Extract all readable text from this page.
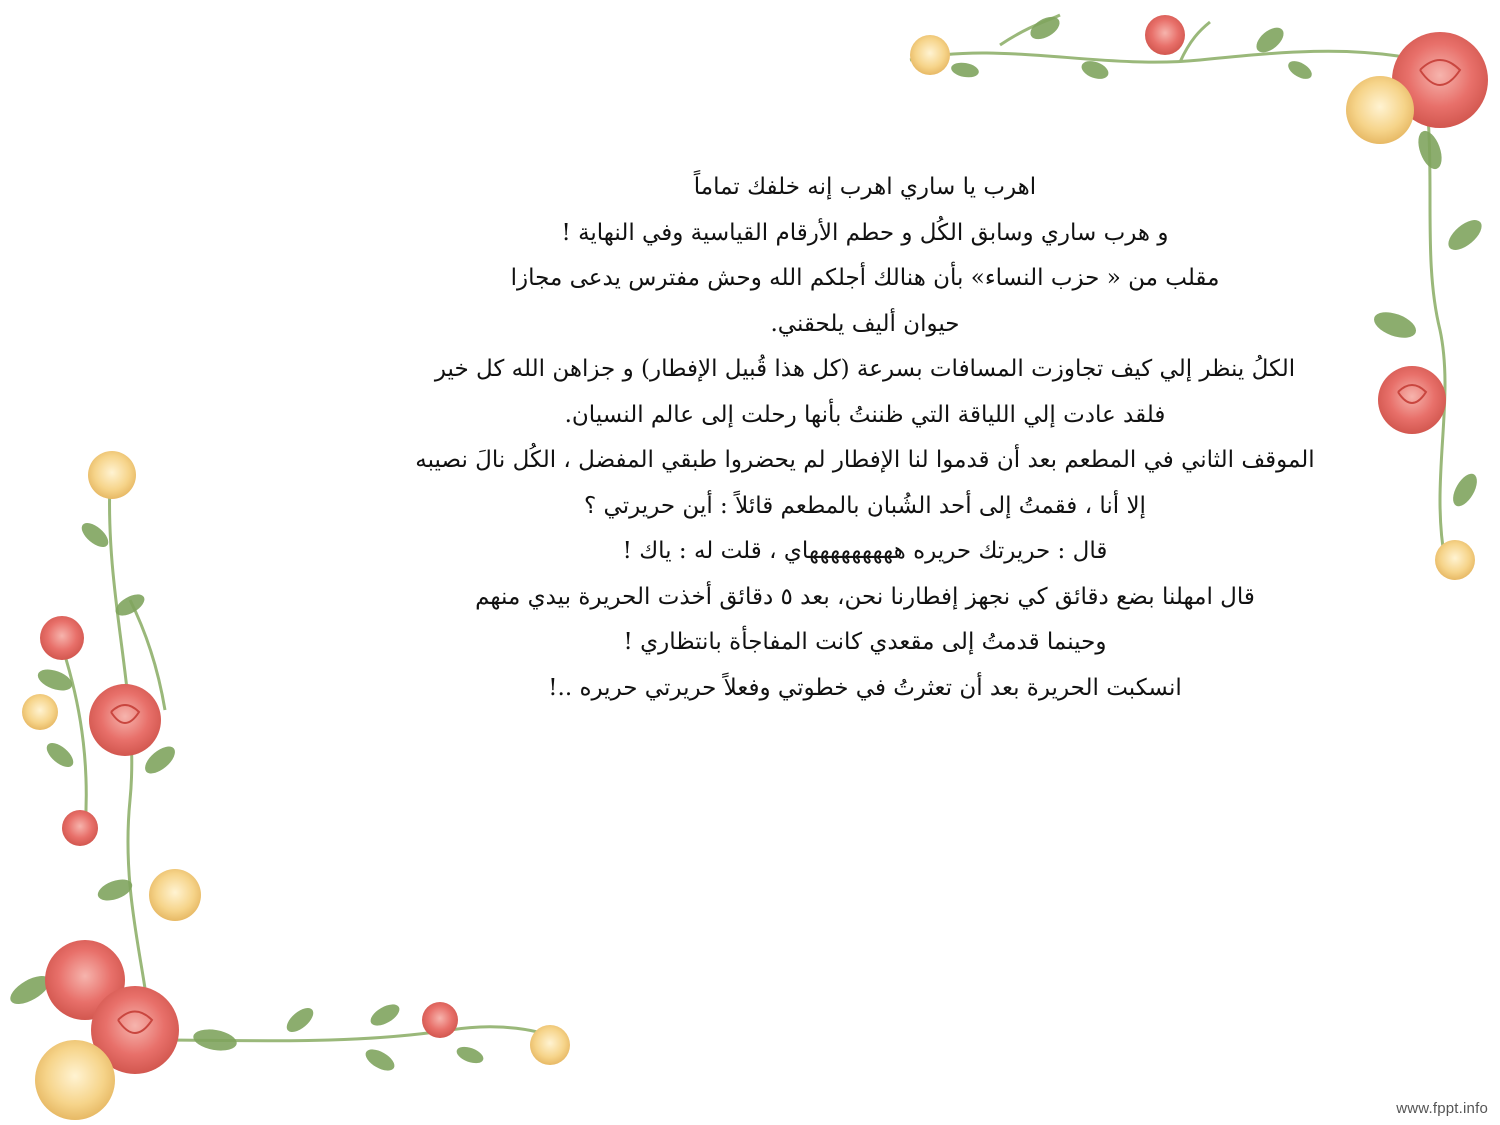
اهرب يا ساري اهرب إنه خلفك تماماً
و هرب ساري وسابق الكُل و حطم الأرقام القياسية وفي النهاية !
مقلب من « حزب النساء» بأن هنالك أجلكم الله وحش مفترس يدعى مجازا
حيوان أليف يلحقني.
الكلُ ينظر إلي كيف تجاوزت المسافات بسرعة (كل هذا قُبيل الإفطار) و جزاهن الله كل خير
فلقد عادت إلي اللياقة التي ظننتُ بأنها رحلت إلى عالم النسيان.
الموقف الثاني في المطعم بعد أن قدموا لنا الإفطار لم يحضروا طبقي المفضل ، الكُل نالَ نصيبه
إلا أنا ، فقمتُ إلى أحد الشُبان بالمطعم قائلاً : أين حريرتي ؟
قال : حريرتك حريره هههههههههاي ، قلت له : ياك !
قال امهلنا بضع دقائق كي نجهز إفطارنا نحن، بعد ٥ دقائق أخذت الحريرة بيدي منهم
وحينما قدمتُ إلى مقعدي كانت المفاجأة بانتظاري !
انسكبت الحريرة بعد أن تعثرتُ في خطوتي وفعلاً حريرتي حريره ..!
www.fppt.info
